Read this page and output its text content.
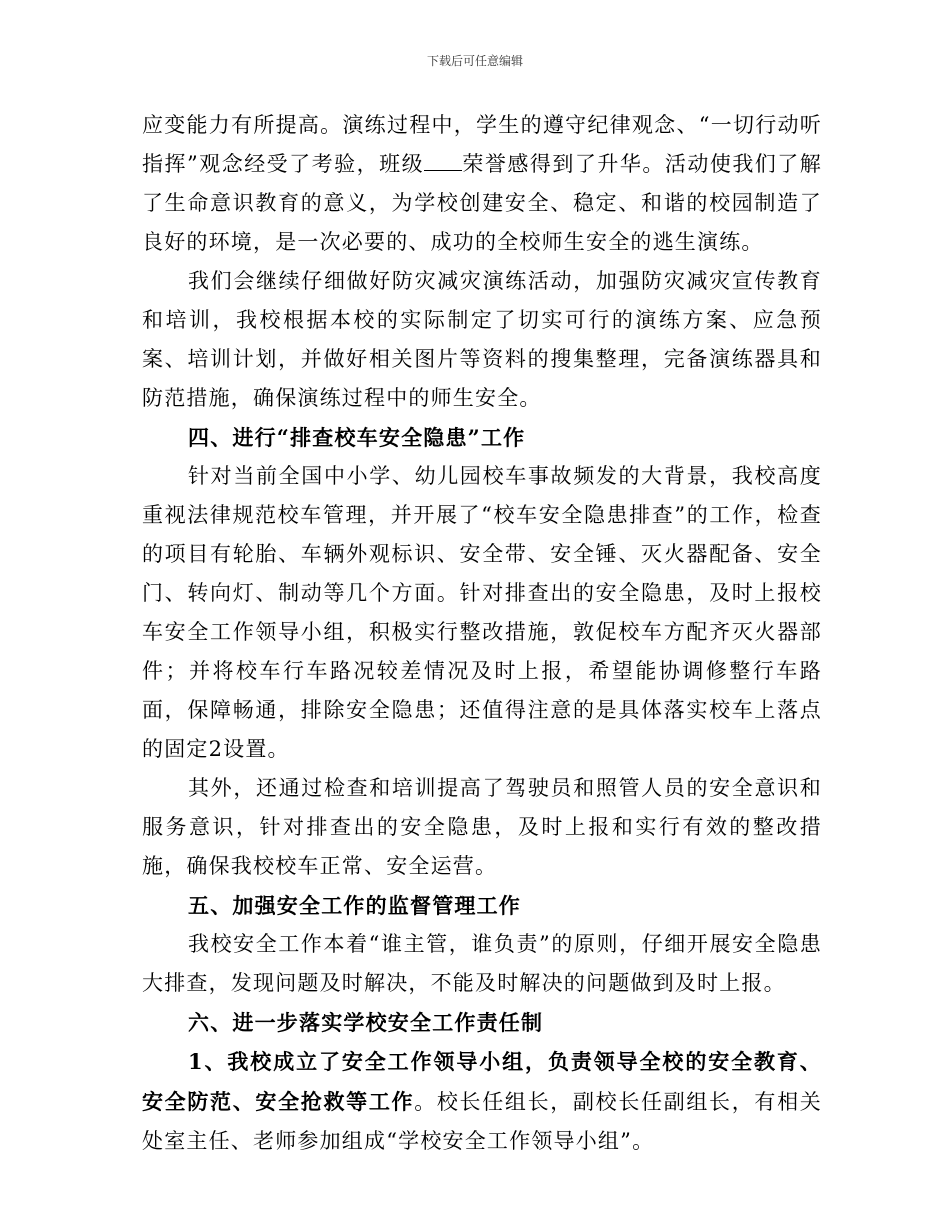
下载后可任意编辑

应变能力有所提高。演练过程中，学生的遵守纪律观念、“一切行动听指挥”观念经受了考验，班级 荣誉感得到了升华。活动使我们了解了生命意识教育的意义，为学校创建安全、稳定、和谐的校园制造了良好的环境，是一次必要的、成功的全校师生安全的逃生演练。

我们会继续仔细做好防灾减灾演练活动，加强防灾减灾宣传教育和培训，我校根据本校的实际制定了切实可行的演练方案、应急预案、培训计划，并做好相关图片等资料的搜集整理，完备演练器具和防范措施，确保演练过程中的师生安全。

四、进行“排查校车安全隐患”工作

针对当前全国中小学、幼儿园校车事故频发的大背景，我校高度重视法律规范校车管理，并开展了“校车安全隐患排查”的工作，检查的项目有轮胎、车辆外观标识、安全带、安全锤、灭火器配备、安全门、转向灯、制动等几个方面。针对排查出的安全隐患，及时上报校车安全工作领导小组，积极实行整改措施，敦促校车方配齐灭火器部件；并将校车行车路况较差情况及时上报，希望能协调修整行车路面，保障畅通，排除安全隐患；还值得注意的是具体落实校车上落点的固定2设置。

其外，还通过检查和培训提高了驾驶员和照管人员的安全意识和服务意识，针对排查出的安全隐患，及时上报和实行有效的整改措施，确保我校校车正常、安全运营。

五、加强安全工作的监督管理工作

我校安全工作本着“谁主管，谁负责”的原则，仔细开展安全隐患大排查，发现问题及时解决，不能及时解决的问题做到及时上报。

六、进一步落实学校安全工作责任制

1、我校成立了安全工作领导小组，负责领导全校的安全教育、安全防范、安全抢救等工作。校长任组长，副校长任副组长，有相关处室主任、老师参加组成“学校安全工作领导小组”。
